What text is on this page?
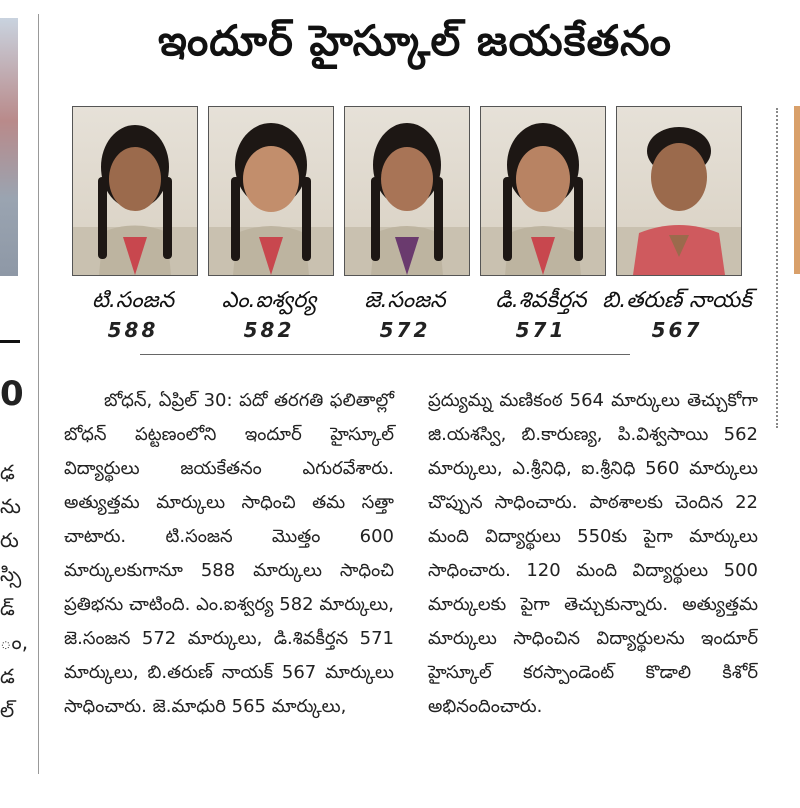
0
ఢ
ను
రు
స్సి
డ్
ం,
డ
ల్
ఇందూర్ హైస్కూల్ జయకేతనం
టి.సంజన
588
ఎం.ఐశ్వర్య
582
జె.సంజన
572
డి.శివకీర్తన
571
బి.తరుణ్ నాయక్
567

బోధన్, ఏప్రిల్ 30: పదో తరగతి ఫలితాల్లో బోధన్ పట్టణంలోని ఇందూర్ హైస్కూల్ విద్యార్థులు జయకేతనం ఎగురవేశారు. అత్యుత్తమ మార్కులు సాధించి తమ సత్తా చాటారు. టి.సంజన మొత్తం 600 మార్కులకుగానూ 588 మార్కులు సాధించి ప్రతిభను చాటింది. ఎం.ఐశ్వర్య 582 మార్కులు, జె.సంజన 572 మార్కులు, డి.శివకీర్తన 571 మార్కులు, బి.తరుణ్ నాయక్ 567 మార్కులు సాధించారు. జె.మాధురి 565 మార్కులు,

ప్రద్యుమ్న మణికంఠ 564 మార్కులు తెచ్చుకోగా జి.యశస్వి, బి.కారుణ్య, పి.విశ్వసాయి 562 మార్కులు, ఎ.శ్రీనిధి, ఐ.శ్రీనిధి 560 మార్కులు చొప్పున సాధించారు. పాఠశాలకు చెందిన 22 మంది విద్యార్థులు 550కు పైగా మార్కులు సాధించారు. 120 మంది విద్యార్థులు 500 మార్కులకు పైగా తెచ్చుకున్నారు. అత్యుత్తమ మార్కులు సాధించిన విద్యార్థులను ఇందూర్ హైస్కూల్ కరస్పాండెంట్ కొడాలి కిశోర్ అభినందించారు.
